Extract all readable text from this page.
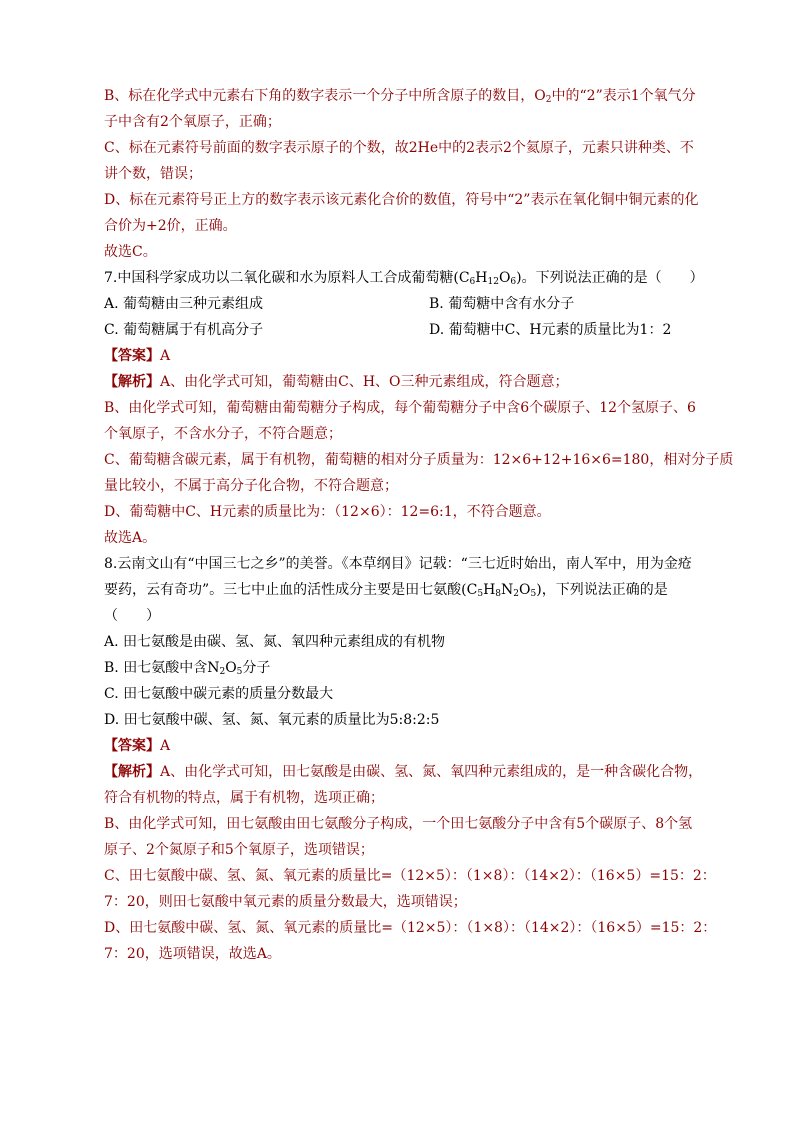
B、标在化学式中元素右下角的数字表示一个分子中所含原子的数目，$O_2$中的“2”表示1个氧气分
子中含有2个氧原子，正确；
C、标在元素符号前面的数字表示原子的个数，故2He中的2表示2个氦原子，元素只讲种类、不
讲个数，错误；
D、标在元素符号正上方的数字表示该元素化合价的数值，符号中“2”表示在氧化铜中铜元素的化
合价为+2价，正确。
故选C。
7.中国科学家成功以二氧化碳和水为原料人工合成葡萄糖$(C_6H_{12}O_6)$。下列说法正确的是（　　）
A. 葡萄糖由三种元素组成	B. 葡萄糖中含有水分子
C. 葡萄糖属于有机高分子	D. 葡萄糖中C、H元素的质量比为1：2
【答案】A
【解析】A、由化学式可知，葡萄糖由C、H、O三种元素组成，符合题意；
B、由化学式可知，葡萄糖由葡萄糖分子构成，每个葡萄糖分子中含6个碳原子、12个氢原子、6
个氧原子，不含水分子，不符合题意；
C、葡萄糖含碳元素，属于有机物，葡萄糖的相对分子质量为：12×6+12+16×6=180，相对分子质
量比较小，不属于高分子化合物，不符合题意；
D、葡萄糖中C、H元素的质量比为：（12×6）：12=6:1，不符合题意。
故选A。
8.云南文山有“中国三七之乡”的美誉。《本草纲目》记载：“三七近时始出，南人军中，用为金疮
要药，云有奇功”。三七中止血的活性成分主要是田七氨酸$(C_5H_8N_2O_5)$，下列说法正确的是
（　　）
A. 田七氨酸是由碳、氢、氮、氧四种元素组成的有机物
B. 田七氨酸中含$N_2O_5$分子
C. 田七氨酸中碳元素的质量分数最大
D. 田七氨酸中碳、氢、氮、氧元素的质量比为5:8:2:5
【答案】A
【解析】A、由化学式可知，田七氨酸是由碳、氢、氮、氧四种元素组成的，是一种含碳化合物，
符合有机物的特点，属于有机物，选项正确；
B、由化学式可知，田七氨酸由田七氨酸分子构成，一个田七氨酸分子中含有5个碳原子、8个氢
原子、2个氮原子和5个氧原子，选项错误；
C、田七氨酸中碳、氢、氮、氧元素的质量比=（12×5）：（1×8）：（14×2）：（16×5）=15：2：
7：20，则田七氨酸中氧元素的质量分数最大，选项错误；
D、田七氨酸中碳、氢、氮、氧元素的质量比=（12×5）：（1×8）：（14×2）：（16×5）=15：2：
7：20，选项错误，故选A。
